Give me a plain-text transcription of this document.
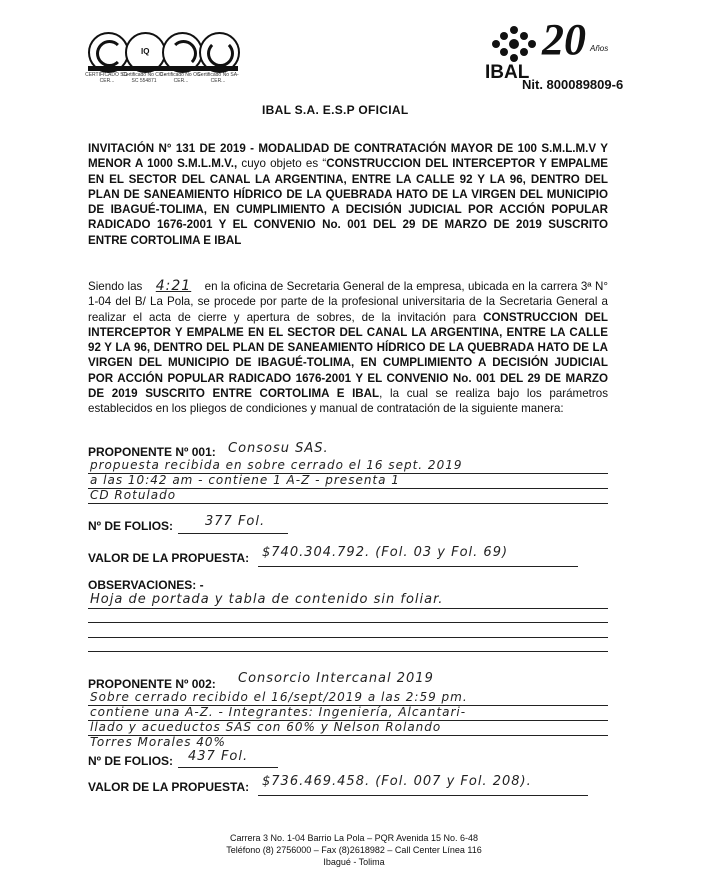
CERTIFICADO SC-CER...
IQ
Certificado No CO - SC 554871
Certificado No OS-CER...
Certificado No SA-CER...	IBAL
20 Años
Nit. 800089809-6
IBAL S.A. E.S.P OFICIAL

INVITACIÓN N° 131 DE 2019 - MODALIDAD DE CONTRATACIÓN MAYOR DE 100 S.M.L.M.V Y MENOR A 1000 S.M.L.M.V., cuyo objeto es “CONSTRUCCION DEL INTERCEPTOR Y EMPALME EN EL SECTOR DEL CANAL LA ARGENTINA, ENTRE LA CALLE 92 Y LA 96, DENTRO DEL PLAN DE SANEAMIENTO HÍDRICO DE LA QUEBRADA HATO DE LA VIRGEN DEL MUNICIPIO DE IBAGUÉ-TOLIMA, EN CUMPLIMIENTO A DECISIÓN JUDICIAL POR ACCIÓN POPULAR RADICADO 1676-2001 Y EL CONVENIO No. 001 DEL 29 DE MARZO DE 2019 SUSCRITO ENTRE CORTOLIMA E IBAL

Siendo las 4:21 en la oficina de Secretaria General de la empresa, ubicada en la carrera 3ª N° 1-04 del B/ La Pola, se procede por parte de la profesional universitaria de la Secretaria General a realizar el acta de cierre y apertura de sobres, de la invitación para CONSTRUCCION DEL INTERCEPTOR Y EMPALME EN EL SECTOR DEL CANAL LA ARGENTINA, ENTRE LA CALLE 92 Y LA 96, DENTRO DEL PLAN DE SANEAMIENTO HÍDRICO DE LA QUEBRADA HATO DE LA VIRGEN DEL MUNICIPIO DE IBAGUÉ-TOLIMA, EN CUMPLIMIENTO A DECISIÓN JUDICIAL POR ACCIÓN POPULAR RADICADO 1676-2001 Y EL CONVENIO No. 001 DEL 29 DE MARZO DE 2019 SUSCRITO ENTRE CORTOLIMA E IBAL, la cual se realiza bajo los parámetros establecidos en los pliegos de condiciones y manual de contratación de la siguiente manera:

PROPONENTE Nº 001: Consosu SAS.
propuesta recibida en sobre cerrado el 16 sept. 2019
a las 10:42 am - contiene 1 A-Z - presenta 1
CD Rotulado
Nº DE FOLIOS: 377 Fol.
VALOR DE LA PROPUESTA: $740.304.792. (Fol. 03 y Fol. 69)
OBSERVACIONES: -
Hoja de portada y tabla de contenido sin foliar.
PROPONENTE Nº 002: Consorcio Intercanal 2019
Sobre cerrado recibido el 16/sept/2019 a las 2:59 pm.
contiene una A-Z. - Integrantes: Ingeniería, Alcantari-
llado y acueductos SAS con 60% y Nelson Rolando
Torres Morales 40%
Nº DE FOLIOS: 437 Fol.
VALOR DE LA PROPUESTA: $736.469.458. (Fol. 007 y Fol. 208).
Carrera 3 No. 1-04 Barrio La Pola – PQR Avenida 15 No. 6-48
Teléfono (8) 2756000 – Fax (8)2618982 – Call Center Línea 116
Ibagué - Tolima
